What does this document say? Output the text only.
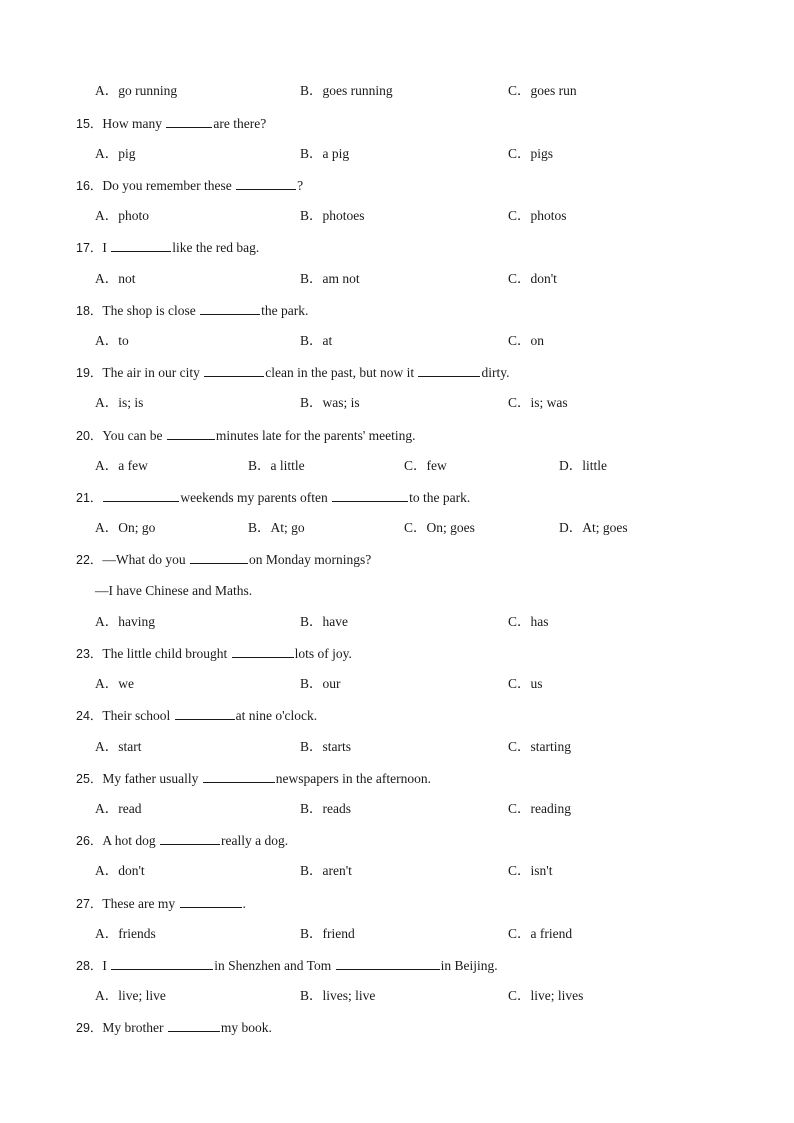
A．go running	B．goes running	C．goes run
15．How many	are there?
A．pig	B．a pig	C．pigs
16．Do you remember these	?
A．photo	B．photoes	C．photos
17．I	like the red bag.
A．not	B．am not	C．don't
18．The shop is close	the park.
A．to	B．at	C．on
19．The air in our city	clean in the past, but now it	dirty.
A．is; is	B．was; is	C．is; was
20．You can be	minutes late for the parents' meeting.
A．a few	B．a little	C．few	D．little
21．	weekends my parents often	to the park.
A．On; go	B．At; go	C．On; goes	D．At; goes
22．—What do you	on Monday mornings?
—I have Chinese and Maths.
A．having	B．have	C．has
23．The little child brought	lots of joy.
A．we	B．our	C．us
24．Their school	at nine o'clock.
A．start	B．starts	C．starting
25．My father usually	newspapers in the afternoon.
A．read	B．reads	C．reading
26．A hot dog	really a dog.
A．don't	B．aren't	C．isn't
27．These are my	.
A．friends	B．friend	C．a friend
28．I	in Shenzhen and Tom	in Beijing.
A．live; live	B．lives; live	C．live; lives
29．My brother	my book.
